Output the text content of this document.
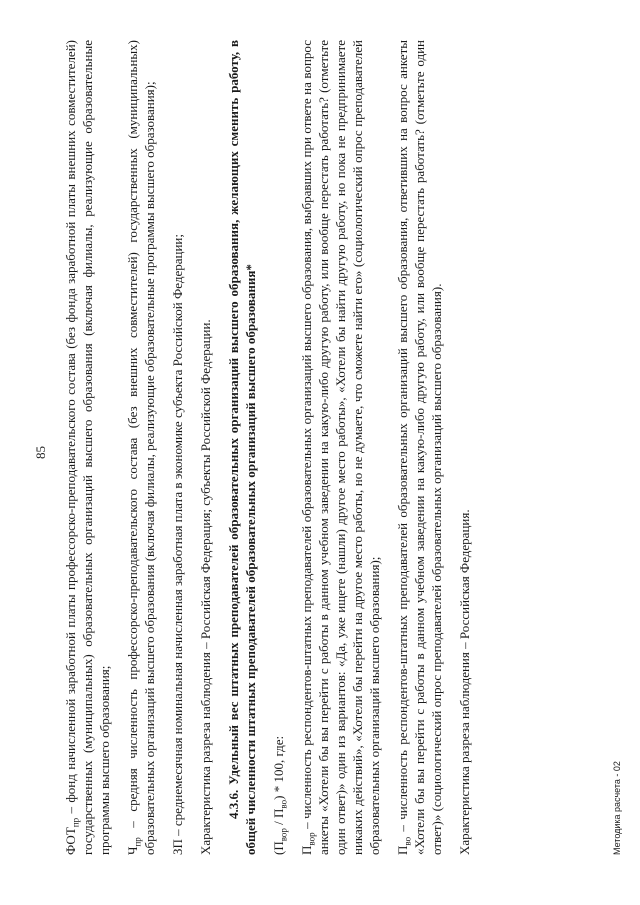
85

$ФОТ_{пр}$ – фонд начисленной заработной платы профессорско-преподавательского состава (без фонда заработной платы внешних совместителей) государственных (муниципальных) образовательных организаций высшего образования (включая филиалы, реализующие образовательные программы высшего образования; $Ч_{пр}$ – средняя численность профессорско-преподавательского состава (без внешних совместителей) государственных (муниципальных) образовательных организаций высшего образования (включая филиалы, реализующие образовательные программы высшего образования); ЗП – среднемесячная номинальная начисленная заработная плата в экономике субъекта Российской Федерации; Характеристика разреза наблюдения – Российская Федерация; субъекты Российской Федерации. 4.3.6. Удельный вес штатных преподавателей образовательных организаций высшего образования, желающих сменить работу, в общей численности штатных преподавателей образовательных организаций высшего образования* $(П_{вор} / П_{во}) * 100$, где:

$П_{вор}$ – численность респондентов-штатных преподавателей образовательных организаций высшего образования, выбравших при ответе на вопрос анкеты «Хотели бы вы перейти с работы в данном учебном заведении на какую-либо другую работу, или вообще перестать работать? (отметьте один ответ)» один из вариантов: «Да, уже ищете (нашли) другое место работы», «Хотели бы найти другую работу, но пока не предпринимаете никаких действий», «Хотели бы перейти на другое место работы, но не думаете, что сможете найти его» (социологический опрос преподавателей образовательных организаций высшего образования); $П_{во}$ – численность респондентов-штатных преподавателей образовательных организаций высшего образования, ответивших на вопрос анкеты «Хотели бы вы перейти с работы в данном учебном заведении на какую-либо другую работу, или вообще перестать работать? (отметьте один ответ)» (социологический опрос преподавателей образовательных организаций высшего образования). Характеристика разреза наблюдения – Российская Федерация.	Методика расчета - 02
